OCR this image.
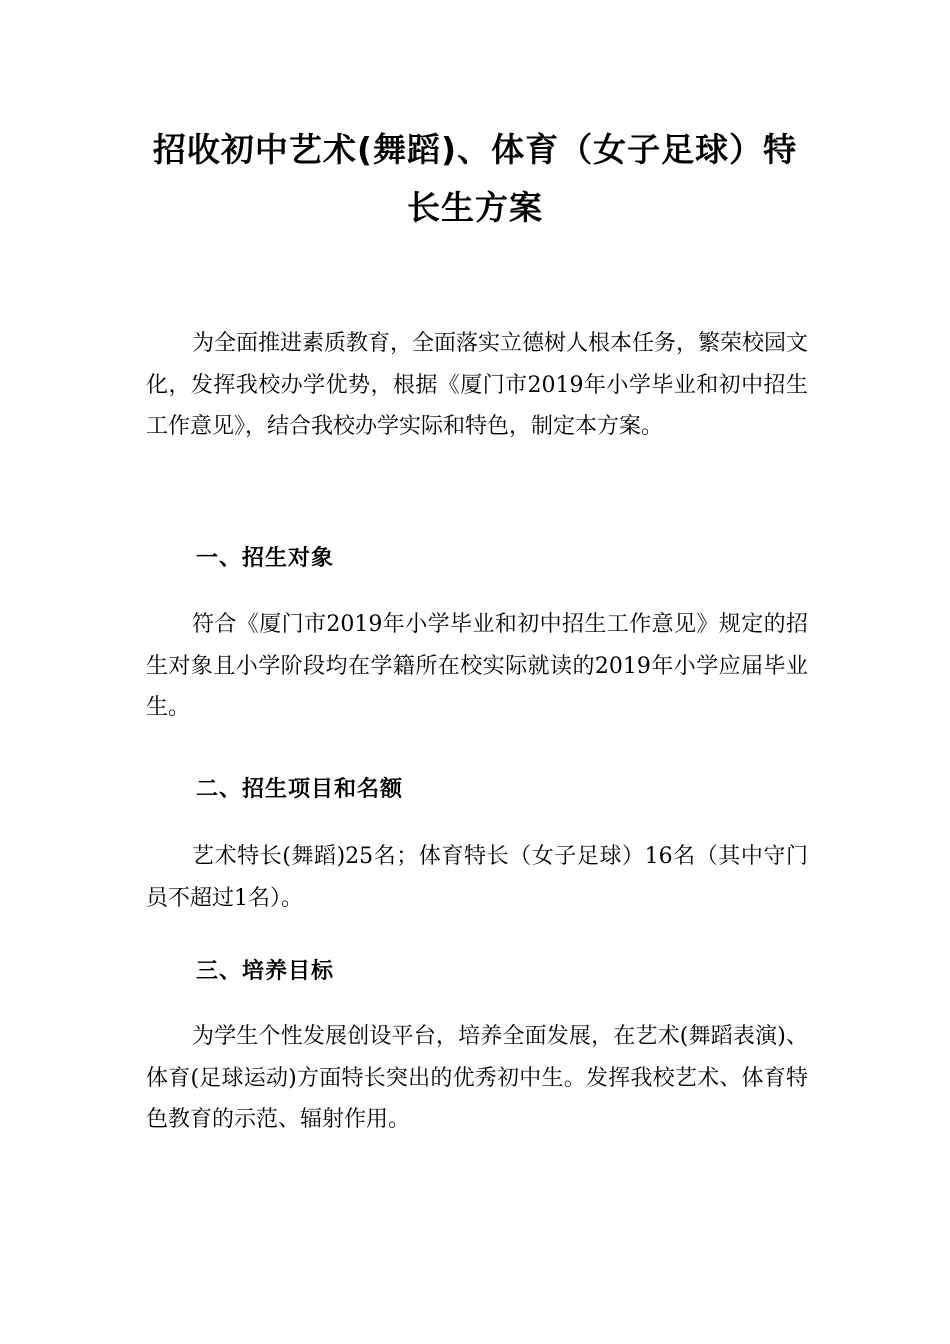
招收初中艺术(舞蹈)、体育（女子足球）特
长生方案

为全面推进素质教育，全面落实立德树人根本任务，繁荣校园文化，发挥我校办学优势，根据《厦门市2019年小学毕业和初中招生工作意见》，结合我校办学实际和特色，制定本方案。

一、招生对象

符合《厦门市2019年小学毕业和初中招生工作意见》规定的招生对象且小学阶段均在学籍所在校实际就读的2019年小学应届毕业生。

二、招生项目和名额

艺术特长(舞蹈)25名；体育特长（女子足球）16名（其中守门员不超过1名）。

三、培养目标

为学生个性发展创设平台，培养全面发展，在艺术(舞蹈表演)、体育(足球运动)方面特长突出的优秀初中生。发挥我校艺术、体育特色教育的示范、辐射作用。
